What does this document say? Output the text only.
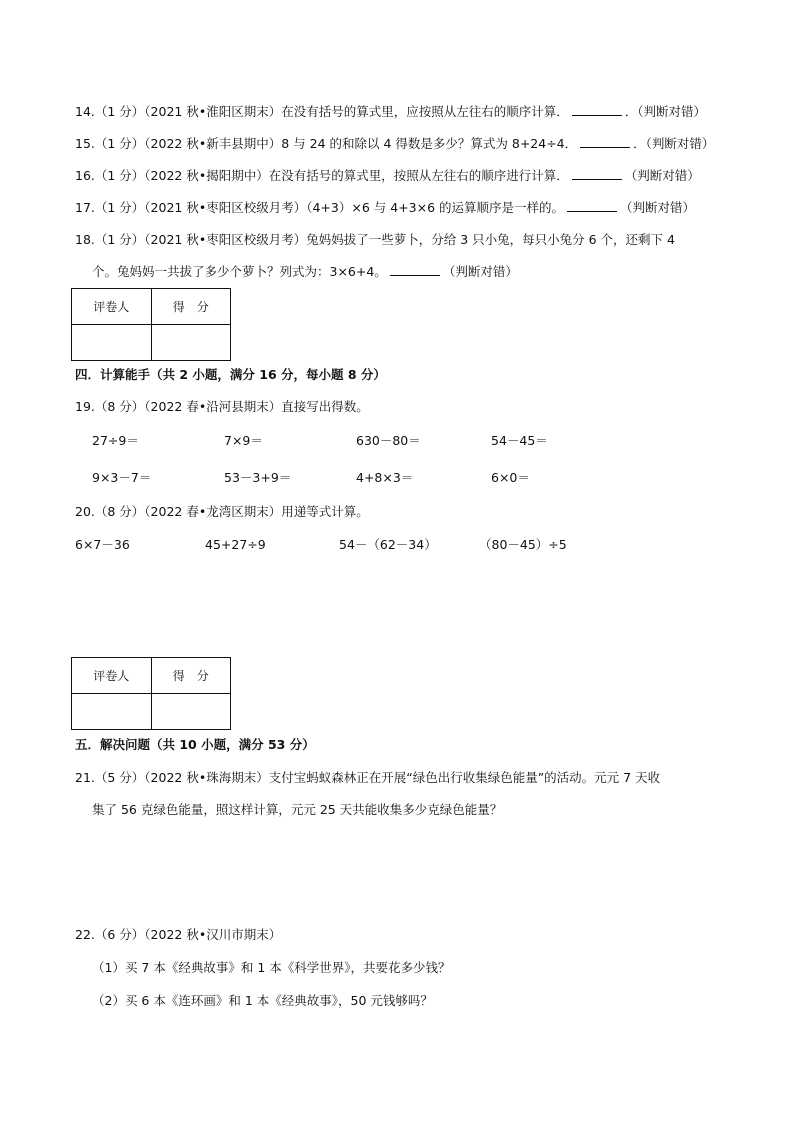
14.（1 分）（2021 秋•淮阳区期末）在没有括号的算式里，应按照从左往右的顺序计算．	．（判断对错）
15.（1 分）（2022 秋•新丰县期中）8 与 24 的和除以 4 得数是多少？算式为 8+24÷4．	．（判断对错）
16.（1 分）（2022 秋•揭阳期中）在没有括号的算式里，按照从左往右的顺序进行计算．	（判断对错）
17.（1 分）（2021 秋•枣阳区校级月考）（4+3）×6 与 4+3×6 的运算顺序是一样的。	（判断对错）
18.（1 分）（2021 秋•枣阳区校级月考）兔妈妈拔了一些萝卜，分给 3 只小兔，每只小兔分 6 个，还剩下 4
个。兔妈妈一共拔了多少个萝卜？列式为：3×6+4。	（判断对错）
评卷人	得　分

四．计算能手（共 2 小题，满分 16 分，每小题 8 分）
19.（8 分）（2022 春•沿河县期末）直接写出得数。
27÷9＝	7×9＝	630－80＝	54－45＝
9×3－7＝	53－3+9＝	4+8×3＝	6×0＝
20.（8 分）（2022 春•龙湾区期末）用递等式计算。
6×7－36	45+27÷9	54－（62－34）	（80－45）÷5
评卷人	得　分

五．解决问题（共 10 小题，满分 53 分）
21.（5 分）（2022 秋•珠海期末）支付宝蚂蚁森林正在开展“绿色出行收集绿色能量”的活动。元元 7 天收
集了 56 克绿色能量，照这样计算，元元 25 天共能收集多少克绿色能量？
22.（6 分）（2022 秋•汉川市期末）
（1）买 7 本《经典故事》和 1 本《科学世界》，共要花多少钱？
（2）买 6 本《连环画》和 1 本《经典故事》，50 元钱够吗？
